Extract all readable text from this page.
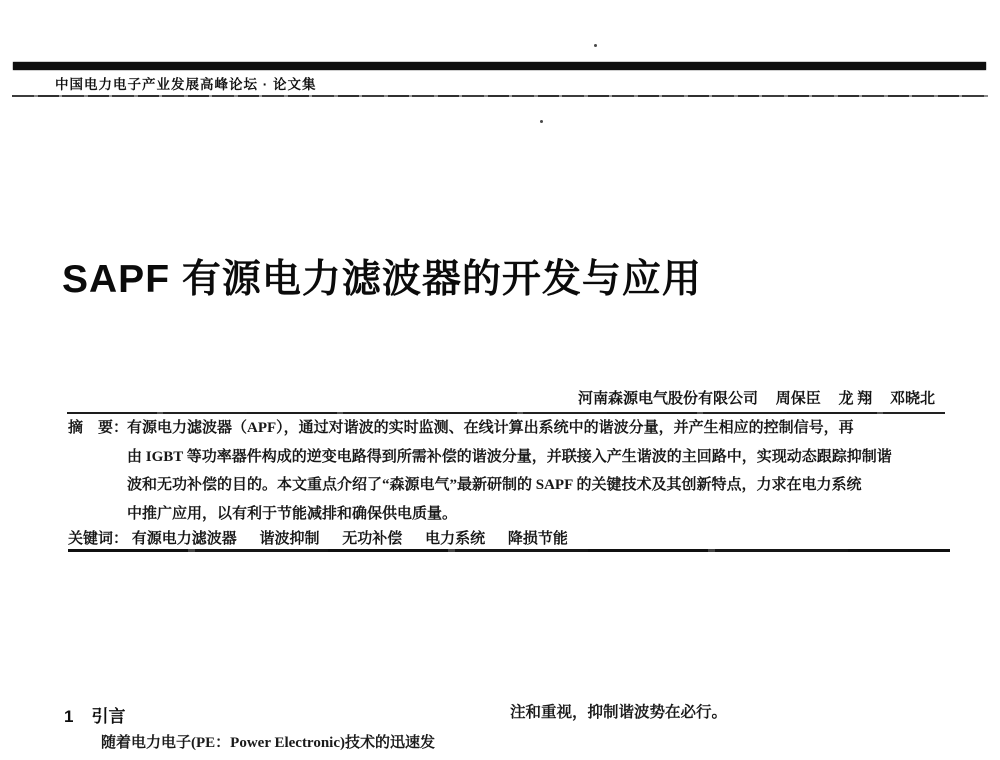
中国电力电子产业发展高峰论坛 · 论文集
SAPF 有源电力滤波器的开发与应用
河南森源电气股份有限公司 周保臣 龙 翔 邓晓北
摘　要：有源电力滤波器（APF），通过对谐波的实时监测、在线计算出系统中的谐波分量，并产生相应的控制信号，再
由 IGBT 等功率器件构成的逆变电路得到所需补偿的谐波分量，并联接入产生谐波的主回路中，实现动态跟踪抑制谐
波和无功补偿的目的。本文重点介绍了“森源电气”最新研制的 SAPF 的关键技术及其创新特点，力求在电力系统
中推广应用，以有利于节能减排和确保供电质量。
关键词： 有源电力滤波器 谐波抑制 无功补偿 电力系统 降损节能
1 引言
随着电力电子(PE：Power Electronic)技术的迅速发
注和重视，抑制谐波势在必行。
